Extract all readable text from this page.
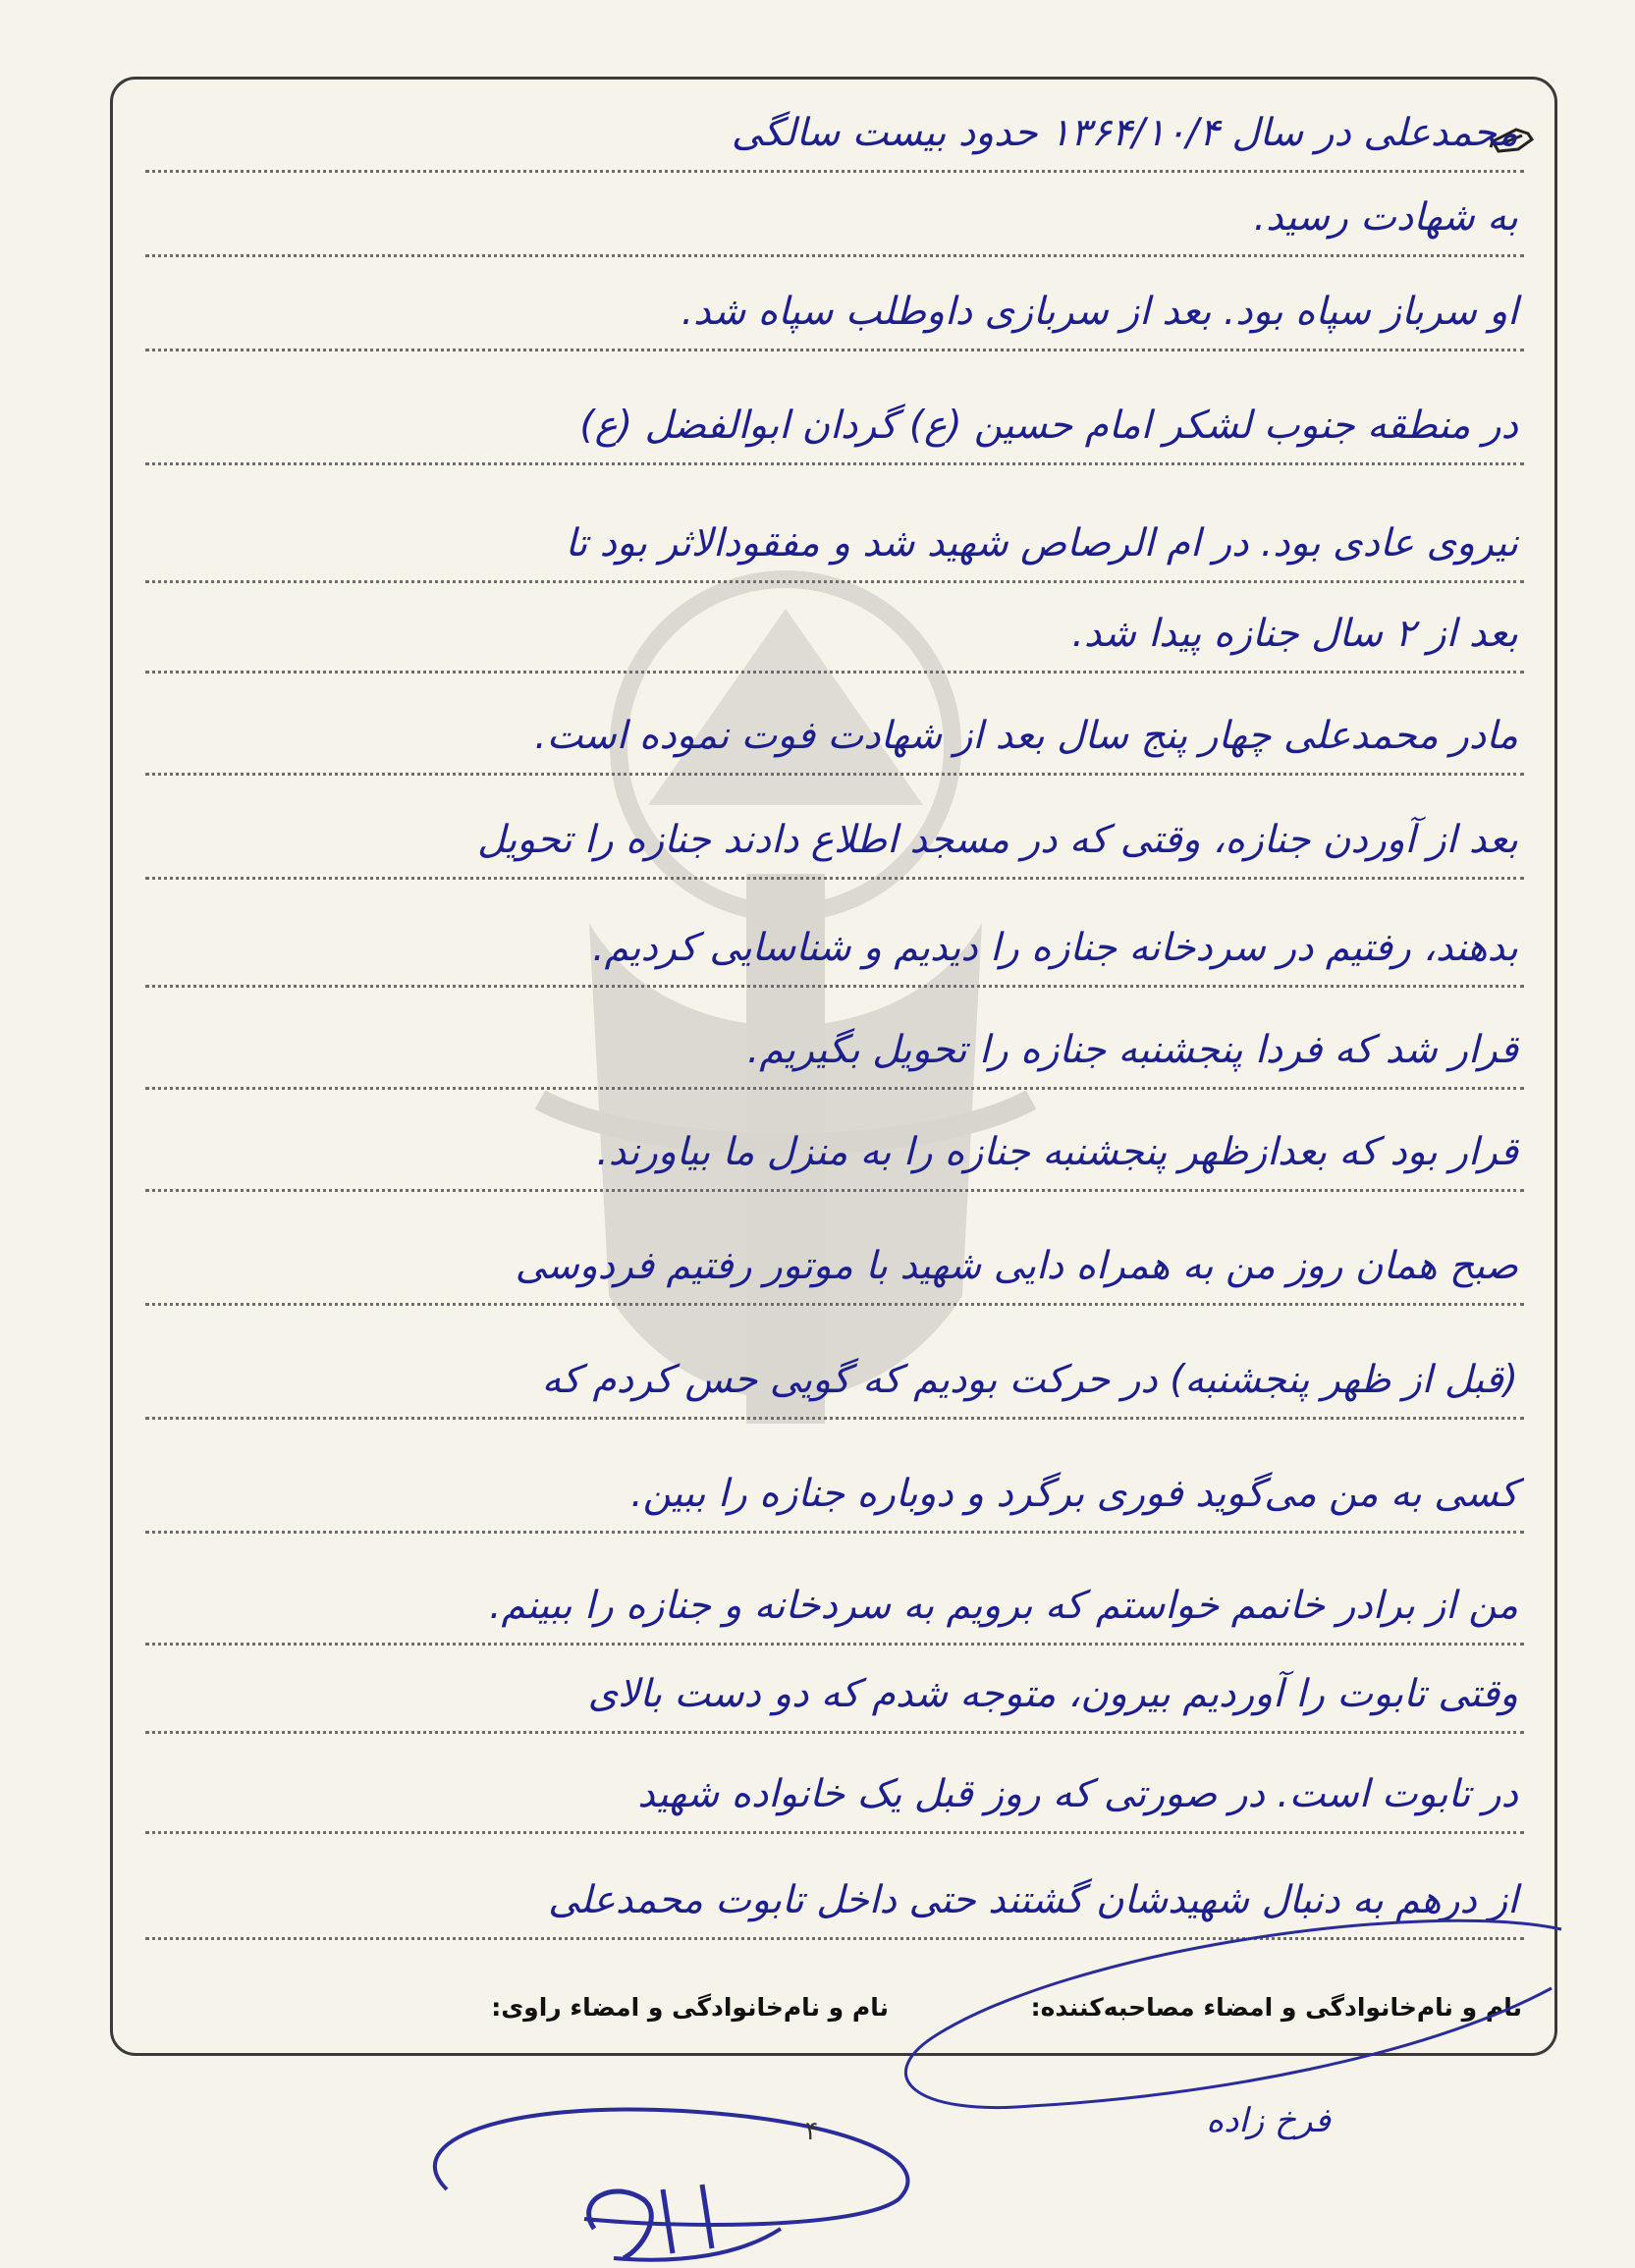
محمدعلی در سال ۱۳۶۴/۱۰/۴ حدود بیست سالگی
به شهادت رسید.
او سرباز سپاه بود. بعد از سربازی داوطلب سپاه شد.
در منطقه جنوب لشکر امام حسین (ع) گردان ابوالفضل (ع)
نیروی عادی بود. در ام الرصاص شهید شد و مفقودالاثر بود تا
بعد از ۲ سال جنازه پیدا شد.
مادر محمدعلی چهار پنج سال بعد از شهادت فوت نموده است.
بعد از آوردن جنازه، وقتی که در مسجد اطلاع دادند جنازه را تحویل
بدهند، رفتیم در سردخانه جنازه را دیدیم و شناسایی کردیم.
قرار شد که فردا پنجشنبه جنازه را تحویل بگیریم.
قرار بود که بعدازظهر پنجشنبه جنازه را به منزل ما بیاورند.
صبح همان روز من به همراه دایی شهید با موتور رفتیم فردوسی
(قبل از ظهر پنجشنبه) در حرکت بودیم که گویی حس کردم که
کسی به من می‌گوید فوری برگرد و دوباره جنازه را ببین.
من از برادر خانمم خواستم که برویم به سردخانه و جنازه را ببینم.
وقتی تابوت را آوردیم بیرون، متوجه شدم که دو دست بالای
در تابوت است. در صورتی که روز قبل یک خانواده شهید
از درهم به دنبال شهیدشان گشتند حتی داخل تابوت محمدعلی
نام و نام‌خانوادگی و امضاء مصاحبه‌کننده:
نام و نام‌خانوادگی و امضاء راوی:
فرخ زاده
۴
